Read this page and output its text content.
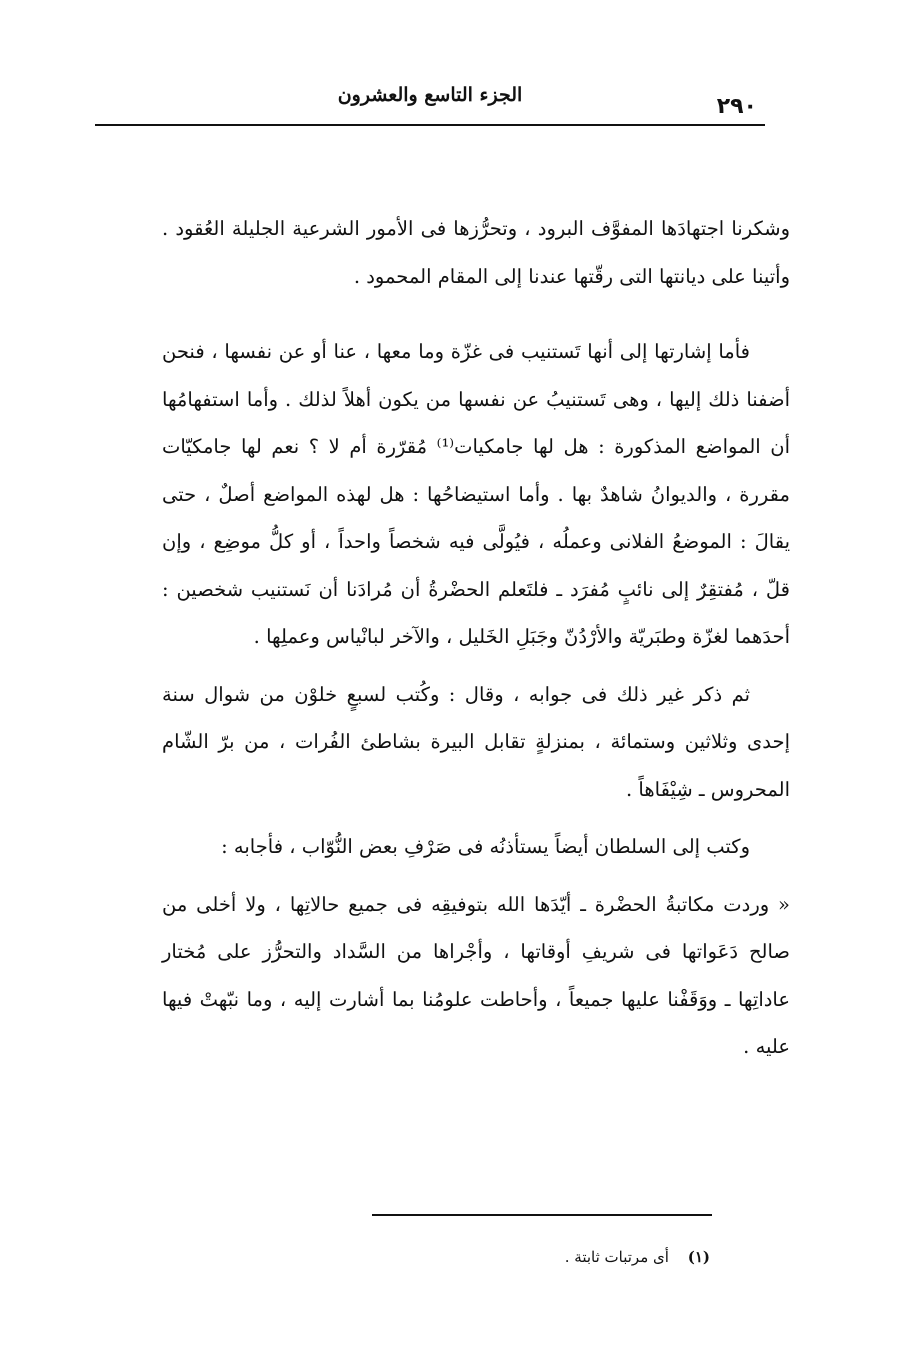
٢٩٠
الجزء التاسع والعشرون

وشكرنا اجتهادَها المفوَّف البرود ، وتحرُّزها فى الأمور الشرعية الجليلة العُقود . وأتينا على ديانتها التى رقّتها عندنا إلى المقام المحمود .

فأما إشارتها إلى أنها تَستنيب فى غزّة وما معها ، عنا أو عن نفسها ، فنحن أضفنا ذلك إليها ، وهى تَستنيبُ عن نفسها من يكون أهلاً لذلك . وأما استفهامُها أن المواضع المذكورة : هل لها جامكيات⁽¹⁾ مُقرّرة أم لا ؟ نعم لها جامكيّات مقررة ، والديوانُ شاهدٌ بها . وأما استيضاحُها : هل لهذه المواضع أصلٌ ، حتى يقالَ : الموضعُ الفلانى وعملُه ، فيُولَّى فيه شخصاً واحداً ، أو كلُّ موضِع ، وإن قلّ ، مُفتقِرٌ إلى نائبٍ مُفرَد ـ فلتَعلم الحضْرةُ أن مُرادَنا أن نَستنيب شخصين : أحدَهما لغزّة وطبَريّة والأرْدُنّ وجَبَلِ الخَليل ، والآخر لبانْياس وعملِها .

ثم ذكر غير ذلك فى جوابه ، وقال : وكُتب لسبعٍ خلوْن من شوال سنة إحدى وثلاثين وستمائة ، بمنزلةٍ تقابل البيرة بشاطئ الفُرات ، من برّ الشّام المحروس ـ شِيْفَاهاً .

وكتب إلى السلطان أيضاً يستأذنُه فى صَرْفِ بعض النُّوّاب ، فأجابه :

« وردت مكاتبةُ الحضْرة ـ أيّدَها الله بتوفيقِه فى جميع حالاتِها ، ولا أخلى من صالح دَعَواتها فى شريفِ أوقاتها ، وأجْراها من السَّداد والتحرُّز على مُختار عاداتِها ـ ووَقَفْنا عليها جميعاً ، وأحاطت علومُنا بما أشارت إليه ، وما نبّهتْ فيها عليه .

(١) أى مرتبات ثابتة .
